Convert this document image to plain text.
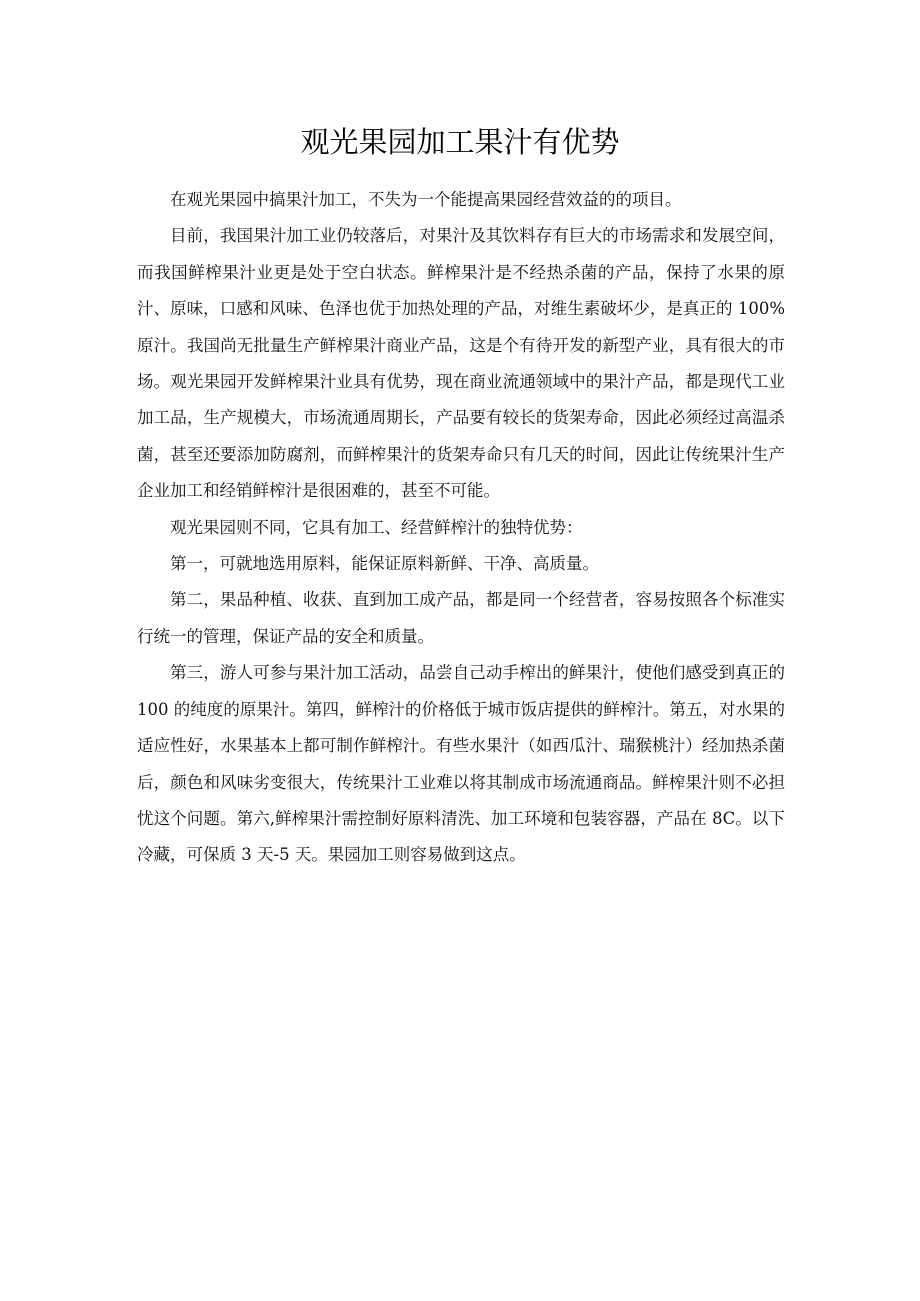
观光果园加工果汁有优势

在观光果园中搞果汁加工，不失为一个能提高果园经营效益的的项目。

目前，我国果汁加工业仍较落后，对果汁及其饮料存有巨大的市场需求和发展空间，而我国鲜榨果汁业更是处于空白状态。鲜榨果汁是不经热杀菌的产品，保持了水果的原汁、原味，口感和风味、色泽也优于加热处理的产品，对维生素破坏少，是真正的 100%原汁。我国尚无批量生产鲜榨果汁商业产品，这是个有待开发的新型产业，具有很大的市场。观光果园开发鲜榨果汁业具有优势，现在商业流通领域中的果汁产品，都是现代工业加工品，生产规模大，市场流通周期长，产品要有较长的货架寿命，因此必须经过高温杀菌，甚至还要添加防腐剂，而鲜榨果汁的货架寿命只有几天的时间，因此让传统果汁生产企业加工和经销鲜榨汁是很困难的，甚至不可能。

观光果园则不同，它具有加工、经营鲜榨汁的独特优势：

第一，可就地选用原料，能保证原料新鲜、干净、高质量。

第二，果品种植、收获、直到加工成产品，都是同一个经营者，容易按照各个标准实行统一的管理，保证产品的安全和质量。

第三，游人可参与果汁加工活动，品尝自己动手榨出的鲜果汁，使他们感受到真正的 100 的纯度的原果汁。第四，鲜榨汁的价格低于城市饭店提供的鲜榨汁。第五，对水果的适应性好，水果基本上都可制作鲜榨汁。有些水果汁（如西瓜汁、瑞猴桃汁）经加热杀菌后，颜色和风味劣变很大，传统果汁工业难以将其制成市场流通商品。鲜榨果汁则不必担忧这个问题。第六,鲜榨果汁需控制好原料清洗、加工环境和包装容器，产品在 8C。以下冷藏，可保质 3 天-5 天。果园加工则容易做到这点。
